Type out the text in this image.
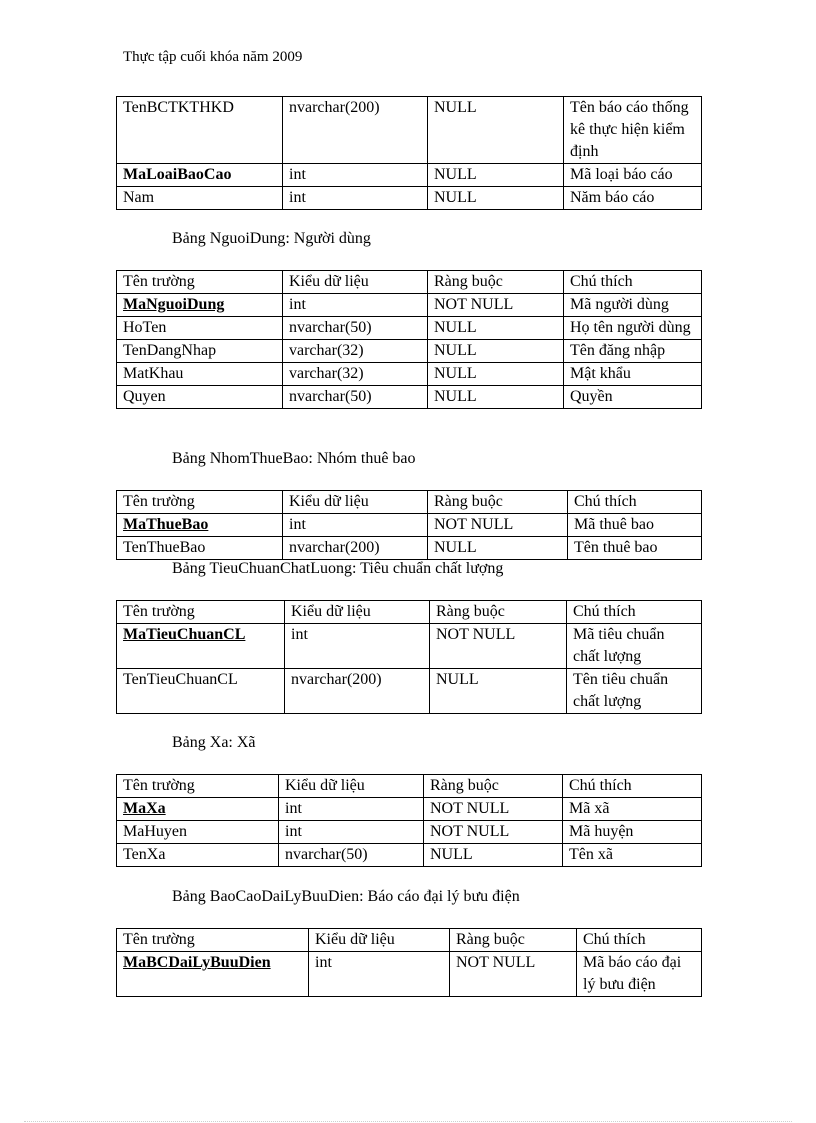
Thực tập cuối khóa năm 2009
TenBCTKTHKD	nvarchar(200)	NULL	Tên báo cáo thống kê thực hiện kiểm định
MaLoaiBaoCao	int	NULL	Mã loại báo cáo
Nam	int	NULL	Năm báo cáo
Bảng NguoiDung: Người dùng
Tên trường	Kiểu dữ liệu	Ràng buộc	Chú thích
MaNguoiDung	int	NOT NULL	Mã người dùng
HoTen	nvarchar(50)	NULL	Họ tên người dùng
TenDangNhap	varchar(32)	NULL	Tên đăng nhập
MatKhau	varchar(32)	NULL	Mật khẩu
Quyen	nvarchar(50)	NULL	Quyền
Bảng NhomThueBao: Nhóm thuê bao
Tên trường	Kiểu dữ liệu	Ràng buộc	Chú thích
MaThueBao	int	NOT NULL	Mã thuê bao
TenThueBao	nvarchar(200)	NULL	Tên thuê bao
Bảng TieuChuanChatLuong: Tiêu chuẩn chất lượng
Tên trường	Kiểu dữ liệu	Ràng buộc	Chú thích
MaTieuChuanCL	int	NOT NULL	Mã tiêu chuẩn chất lượng
TenTieuChuanCL	nvarchar(200)	NULL	Tên tiêu chuẩn chất lượng
Bảng Xa: Xã
Tên trường	Kiểu dữ liệu	Ràng buộc	Chú thích
MaXa	int	NOT NULL	Mã xã
MaHuyen	int	NOT NULL	Mã huyện
TenXa	nvarchar(50)	NULL	Tên xã
Bảng BaoCaoDaiLyBuuDien: Báo cáo đại lý bưu điện
Tên trường	Kiểu dữ liệu	Ràng buộc	Chú thích
MaBCDaiLyBuuDien	int	NOT NULL	Mã báo cáo đại lý bưu điện
